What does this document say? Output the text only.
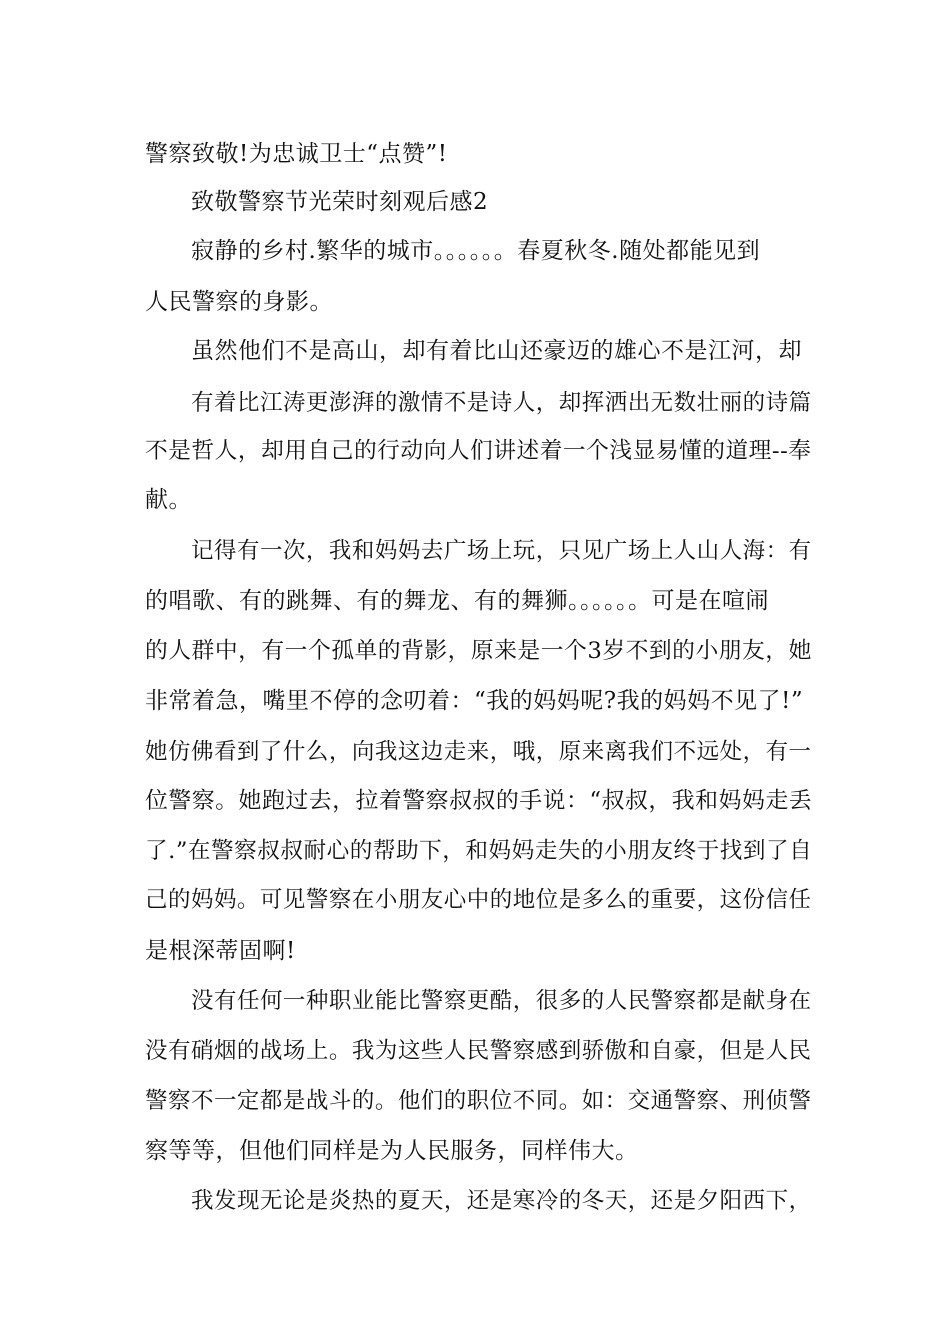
警察致敬!为忠诚卫士“点赞”!
致敬警察节光荣时刻观后感2
寂静的乡村.繁华的城市。。。。。。春夏秋冬.随处都能见到
人民警察的身影。
虽然他们不是高山，却有着比山还豪迈的雄心不是江河，却
有着比江涛更澎湃的激情不是诗人，却挥洒出无数壮丽的诗篇
不是哲人，却用自己的行动向人们讲述着一个浅显易懂的道理--奉
献。
记得有一次，我和妈妈去广场上玩，只见广场上人山人海：有
的唱歌、有的跳舞、有的舞龙、有的舞狮。。。。。。可是在喧闹
的人群中，有一个孤单的背影，原来是一个3岁不到的小朋友，她
非常着急，嘴里不停的念叨着：“我的妈妈呢?我的妈妈不见了!”
她仿佛看到了什么，向我这边走来，哦，原来离我们不远处，有一
位警察。她跑过去，拉着警察叔叔的手说：“叔叔，我和妈妈走丢
了.”在警察叔叔耐心的帮助下，和妈妈走失的小朋友终于找到了自
己的妈妈。可见警察在小朋友心中的地位是多么的重要，这份信任
是根深蒂固啊!
没有任何一种职业能比警察更酷，很多的人民警察都是献身在
没有硝烟的战场上。我为这些人民警察感到骄傲和自豪，但是人民
警察不一定都是战斗的。他们的职位不同。如：交通警察、刑侦警
察等等，但他们同样是为人民服务，同样伟大。
我发现无论是炎热的夏天，还是寒冷的冬天，还是夕阳西下，
